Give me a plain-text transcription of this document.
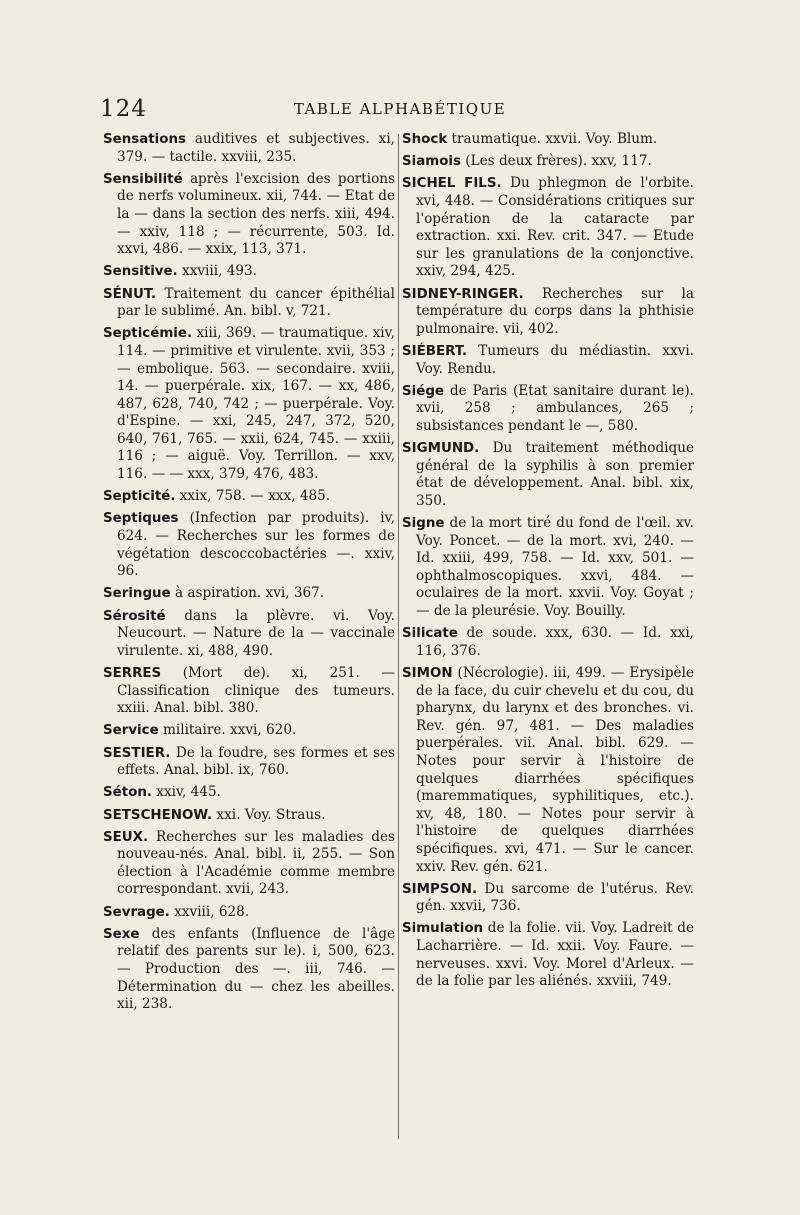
124	TABLE ALPHABÉTIQUE

Sensations auditives et subjectives. xi, 379. — tactile. xxviii, 235.

Sensibilité après l'excision des portions de nerfs volumineux. xii, 744. — Etat de la — dans la section des nerfs. xiii, 494. — xxiv, 118 ; — récurrente, 503. Id. xxvi, 486. — xxix, 113, 371.

Sensitive. xxviii, 493.

SÉNUT. Traitement du cancer épithélial par le sublimé. An. bibl. v, 721.

Septicémie. xiii, 369. — traumatique. xiv, 114. — primitive et virulente. xvii, 353 ; — embolique. 563. — secondaire. xviii, 14. — puerpérale. xix, 167. — xx, 486, 487, 628, 740, 742 ; — puerpérale. Voy. d'Espine. — xxi, 245, 247, 372, 520, 640, 761, 765. — xxii, 624, 745. — xxiii, 116 ; — aiguë. Voy. Terrillon. — xxv, 116. — — xxx, 379, 476, 483.

Septicité. xxix, 758. — xxx, 485.

Septiques (Infection par produits). iv, 624. — Recherches sur les formes de végétation descoccobactéries —. xxiv, 96.

Seringue à aspiration. xvi, 367.

Sérosité dans la plèvre. vi. Voy. Neucourt. — Nature de la — vaccinale virulente. xi, 488, 490.

SERRES (Mort de). xi, 251. — Classification clinique des tumeurs. xxiii. Anal. bibl. 380.

Service militaire. xxvi, 620.

SESTIER. De la foudre, ses formes et ses effets. Anal. bibl. ix, 760.

Séton. xxiv, 445.

SETSCHENOW. xxi. Voy. Straus.

SEUX. Recherches sur les maladies des nouveau-nés. Anal. bibl. ii, 255. — Son élection à l'Académie comme membre correspondant. xvii, 243.

Sevrage. xxviii, 628.

Sexe des enfants (Influence de l'âge relatif des parents sur le). i, 500, 623. — Production des —. iii, 746. — Détermination du — chez les abeilles. xii, 238.

Shock traumatique. xxvii. Voy. Blum.

Siamois (Les deux frères). xxv, 117.

SICHEL FILS. Du phlegmon de l'orbite. xvi, 448. — Considérations critiques sur l'opération de la cataracte par extraction. xxi. Rev. crit. 347. — Etude sur les granulations de la conjonctive. xxiv, 294, 425.

SIDNEY-RINGER. Recherches sur la température du corps dans la phthisie pulmonaire. vii, 402.

SIÉBERT. Tumeurs du médiastin. xxvi. Voy. Rendu.

Siége de Paris (Etat sanitaire durant le). xvii, 258 ; ambulances, 265 ; subsistances pendant le —, 580.

SIGMUND. Du traitement méthodique général de la syphilis à son premier état de développement. Anal. bibl. xix, 350.

Signe de la mort tiré du fond de l'œil. xv. Voy. Poncet. — de la mort. xvi, 240. — Id. xxiii, 499, 758. — Id. xxv, 501. — ophthalmoscopiques. xxvi, 484. — oculaires de la mort. xxvii. Voy. Goyat ; — de la pleurésie. Voy. Bouilly.

Silicate de soude. xxx, 630. — Id. xxi, 116, 376.

SIMON (Nécrologie). iii, 499. — Erysipèle de la face, du cuir chevelu et du cou, du pharynx, du larynx et des bronches. vi. Rev. gén. 97, 481. — Des maladies puerpérales. vii. Anal. bibl. 629. — Notes pour servir à l'histoire de quelques diarrhées spécifiques (maremmatiques, syphilitiques, etc.). xv, 48, 180. — Notes pour servir à l'histoire de quelques diarrhées spécifiques. xvi, 471. — Sur le cancer. xxiv. Rev. gén. 621.

SIMPSON. Du sarcome de l'utérus. Rev. gén. xxvii, 736.

Simulation de la folie. vii. Voy. Ladreit de Lacharrière. — Id. xxii. Voy. Faure. — nerveuses. xxvi. Voy. Morel d'Arleux. — de la folie par les aliénés. xxviii, 749.
